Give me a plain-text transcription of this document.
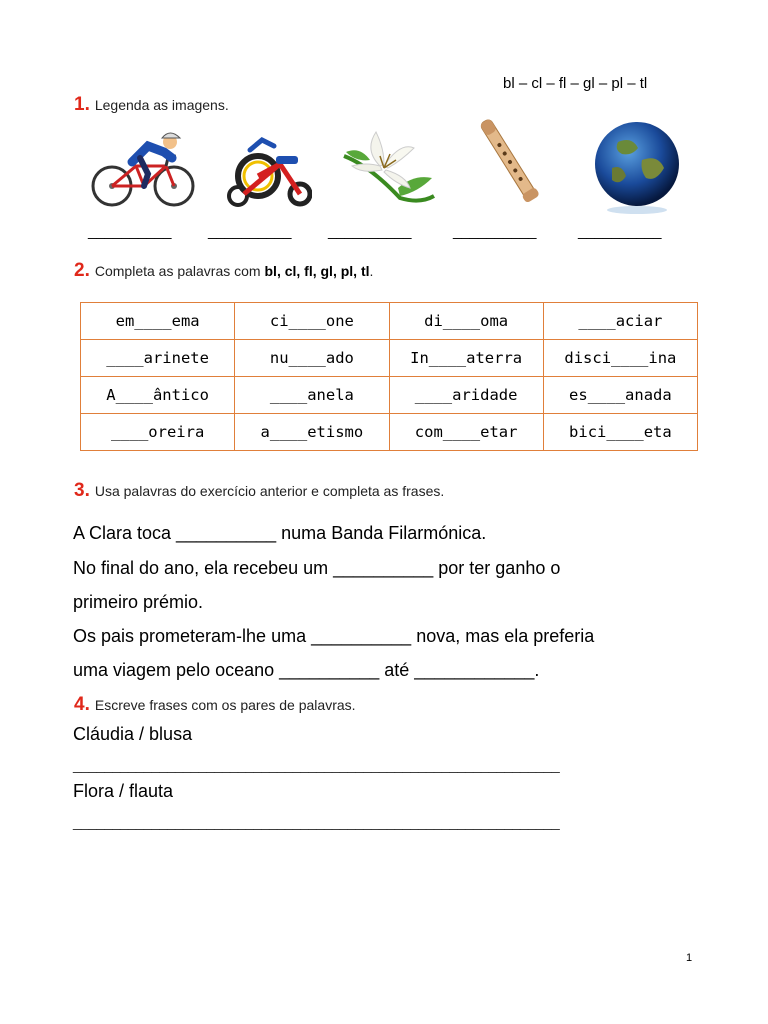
bl – cl – fl – gl – pl – tl
1. Legenda as imagens.
__________ __________ __________	__________	__________
2. Completa as palavras com bl, cl, fl, gl, pl, tl.
em____ema	ci____one	di____oma	____aciar
____arinete	nu____ado	In____aterra	disci____ina
A____ântico	____anela	____aridade	es____anada
____oreira	a____etismo	com____etar	bici____eta
3. Usa palavras do exercício anterior e completa as frases.
A Clara toca __________ numa Banda Filarmónica.
No final do ano, ela recebeu um __________ por ter ganho o
primeiro prémio.
Os pais prometeram-lhe uma __________ nova, mas ela preferia
uma viagem pelo oceano __________ até ____________.
4. Escreve frases com os pares de palavras.
Cláudia / blusa
______________________________________________________________
Flora / flauta
______________________________________________________________
1
